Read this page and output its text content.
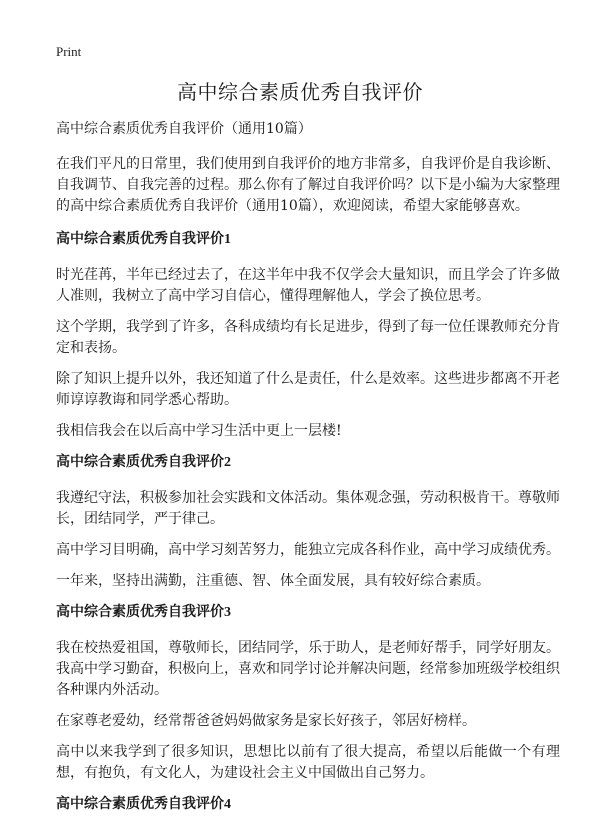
Print
高中综合素质优秀自我评价

高中综合素质优秀自我评价（通用10篇）

在我们平凡的日常里，我们使用到自我评价的地方非常多，自我评价是自我诊断、自我调节、自我完善的过程。那么你有了解过自我评价吗？以下是小编为大家整理的高中综合素质优秀自我评价（通用10篇），欢迎阅读，希望大家能够喜欢。

高中综合素质优秀自我评价1

时光荏苒，半年已经过去了，在这半年中我不仅学会大量知识，而且学会了许多做人准则，我树立了高中学习自信心，懂得理解他人，学会了换位思考。

这个学期，我学到了许多，各科成绩均有长足进步，得到了每一位任课教师充分肯定和表扬。

除了知识上提升以外，我还知道了什么是责任，什么是效率。这些进步都离不开老师谆谆教诲和同学悉心帮助。

我相信我会在以后高中学习生活中更上一层楼!

高中综合素质优秀自我评价2

我遵纪守法，积极参加社会实践和文体活动。集体观念强，劳动积极肯干。尊敬师长，团结同学，严于律己。

高中学习目明确，高中学习刻苦努力，能独立完成各科作业，高中学习成绩优秀。

一年来，坚持出满勤，注重德、智、体全面发展，具有较好综合素质。

高中综合素质优秀自我评价3

我在校热爱祖国，尊敬师长，团结同学，乐于助人，是老师好帮手，同学好朋友。我高中学习勤奋，积极向上，喜欢和同学讨论并解决问题，经常参加班级学校组织各种课内外活动。

在家尊老爱幼，经常帮爸爸妈妈做家务是家长好孩子，邻居好榜样。

高中以来我学到了很多知识，思想比以前有了很大提高，希望以后能做一个有理想，有抱负，有文化人，为建设社会主义中国做出自己努力。

高中综合素质优秀自我评价4
